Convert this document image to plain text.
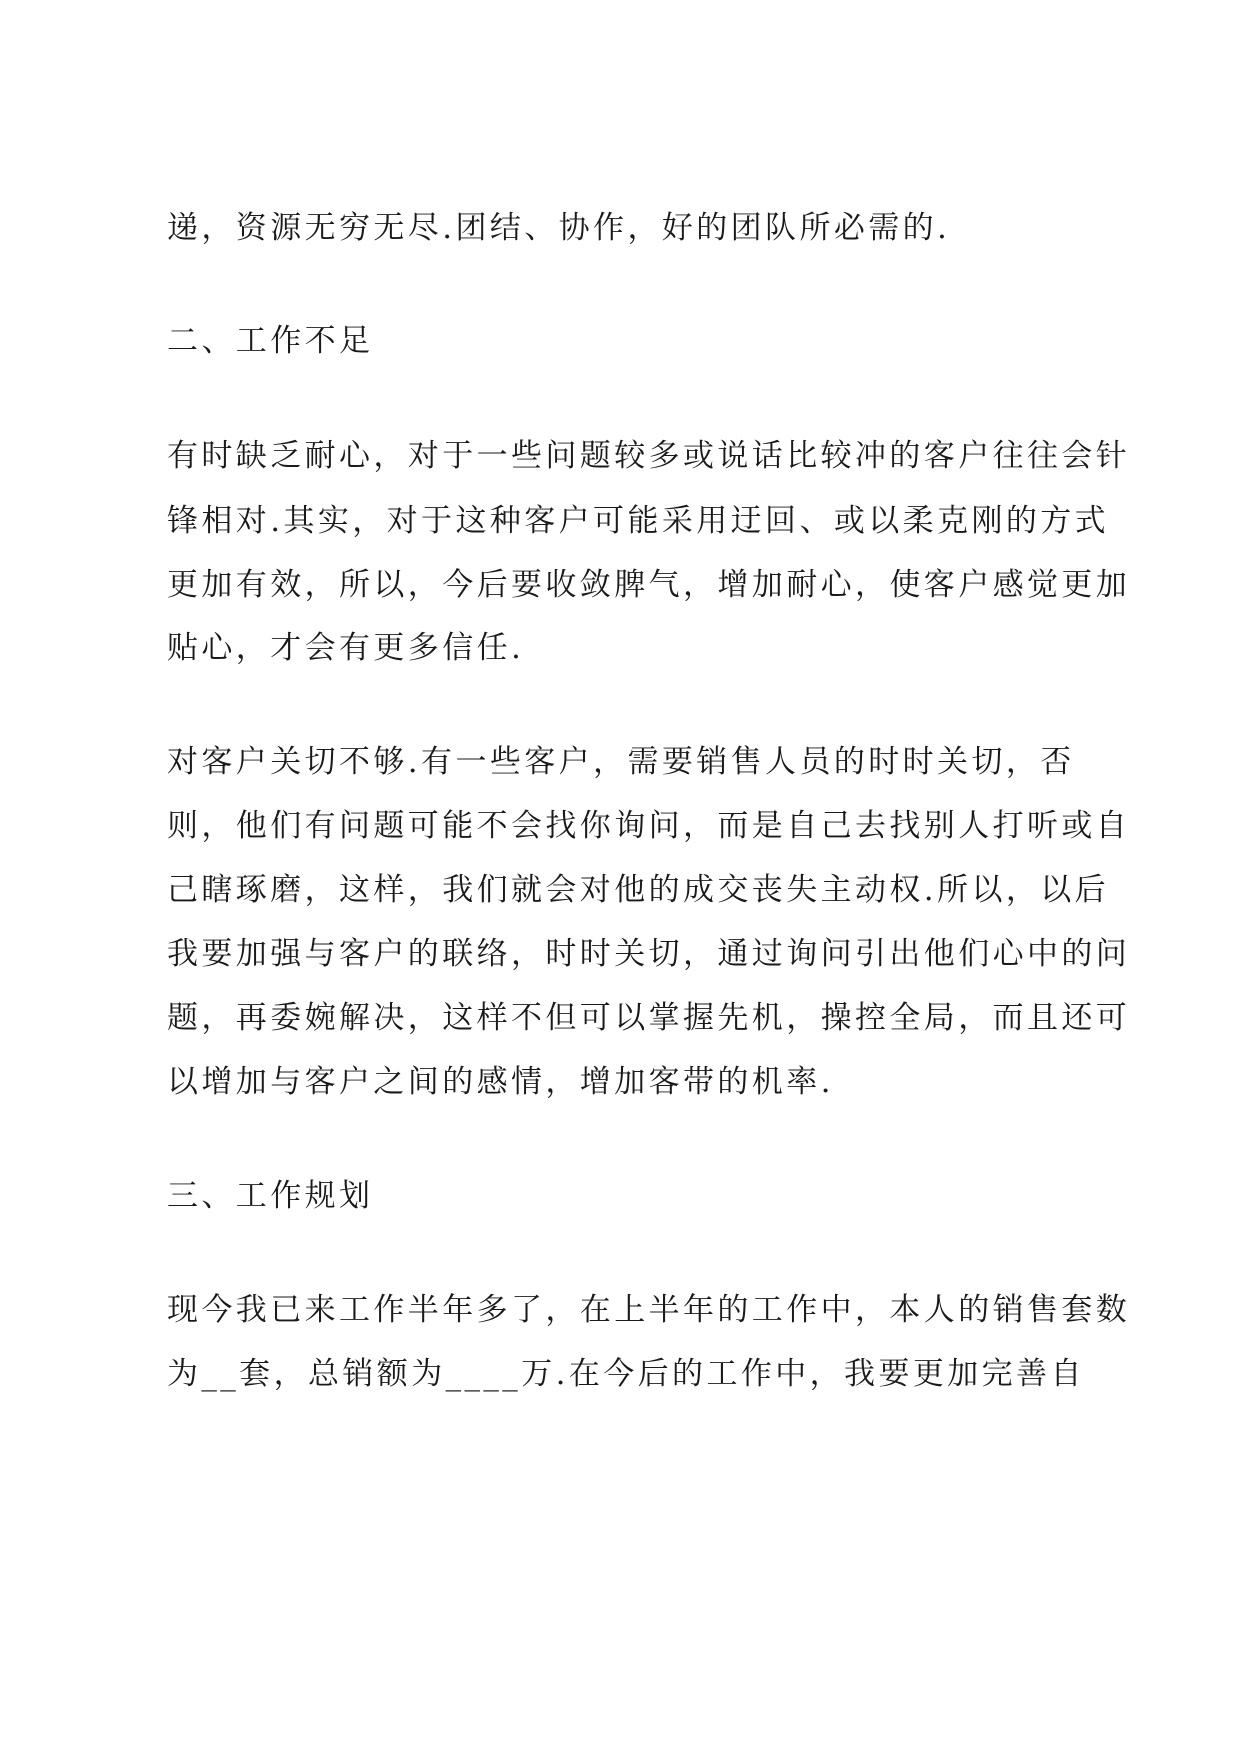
递，资源无穷无尽.团结、协作，好的团队所必需的.
二、工作不足
有时缺乏耐心，对于一些问题较多或说话比较冲的客户往往会针
锋相对.其实，对于这种客户可能采用迂回、或以柔克刚的方式
更加有效，所以，今后要收敛脾气，增加耐心，使客户感觉更加
贴心，才会有更多信任.
对客户关切不够.有一些客户，需要销售人员的时时关切，否
则，他们有问题可能不会找你询问，而是自己去找别人打听或自
己瞎琢磨，这样，我们就会对他的成交丧失主动权.所以，以后
我要加强与客户的联络，时时关切，通过询问引出他们心中的问
题，再委婉解决，这样不但可以掌握先机，操控全局，而且还可
以增加与客户之间的感情，增加客带的机率.
三、工作规划
现今我已来工作半年多了，在上半年的工作中，本人的销售套数
为__套，总销额为____万.在今后的工作中，我要更加完善自
